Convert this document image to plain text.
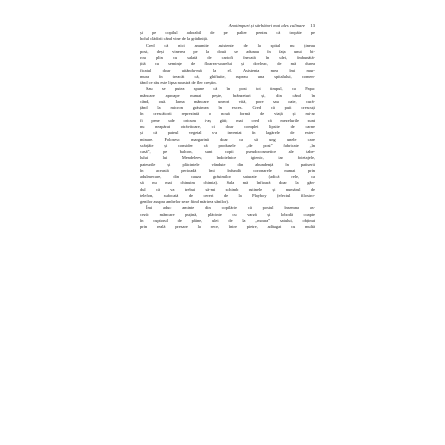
Anotimpuri și sărbători mai ales culinare 13
și pe copilul adorabil de pe palier pentru că tropăie pe
holul clădirii când vine de la grădiniță.
Cred că nici anumite asistente de la spital nu țineau
post, deși vinerea pe la două se adunau în fața unui bi-
rou plin cu salată de cartofi înecată în ulei, îmbunătă-
țită cu semințe de floarea-soarelui și dovleac, de mă durea
ficatul doar uitându-mă la el. Asistenta mea îmi mur-
mura în treacăt că, ghiftuite, rupeau una spitalului, comen-
tând ce rău este lipsa noastră de fler creștin.
Sau se putea spune că în post tot timpul, ca Papa:
mâncare aproape numai pește, brânzeturi și, din când în
când, ouă. Iarna mâncare uneori vită, pore sau oaie, cură-
țând la micron grăsimea în exces. Cred că puii crescuți
în crescătorii reprezintă o nouă formă de viață și mi-ar
fi pene ude oricum i-aș găti; mai cred că mezelurile sunt
nu neapărat otrăvitoare, ci doar complet lipsite de carne
și că pateul vegetal s-a inventat în lagărele de exter-
minare. Folosesc margarină doar ca să ung unele care
scârțâie și consider că produsele „de post” fabricate „în
casă”, pe balcon, sunt copii pseudocosmetice ale tabe-
lului lui Mendeleev, îndoielnice igienic, iar foietajele,
pateurile și plăcintele vândute din abundență în patiserii
în această perioadă îmi înfundă coronarele numai prin
adulmecare, din cauza grăsimilor saturate (adică rele, ca
să nu mai chinuim chimia). Sala mă înfioară doar la gân-
dul că va trebui să-mi schimb rutinele și numărul de
telefon, sufocată de cereri de la Playboy (efectul filostro-
genilor asupra ambelor sexe fiind mărirea sânilor).
Îmi aduc aminte din copilărie că postul însemna as-
ceză: mâncare puțină, plăcinte cu varză și lobodă coapte
în cuptorul de pâine, ulei de la „moara” satului, obținut
prin reală presare la rece, între pietre, adăugat cu multă
